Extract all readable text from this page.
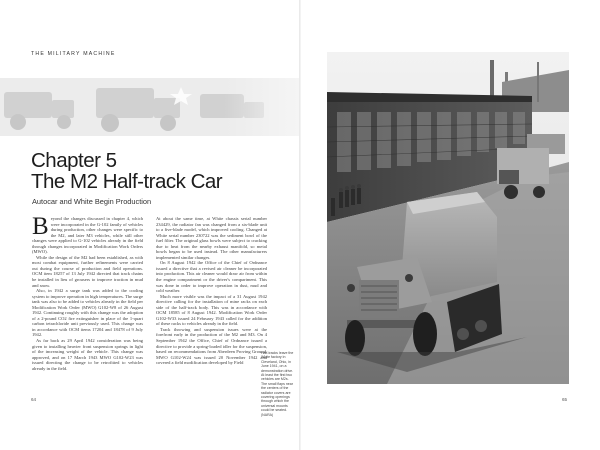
THE MILITARY MACHINE
Chapter 5
The M2 Half-track Car
Autocar and White Begin Production

Beyond the changes discussed in chapter 4, which were incorporated in the G-102 family of vehicles during production, other changes were specific to the M2, and later M3 vehicles, while still other changes were applied to G-102 vehicles already in the field through changes incorporated in Modification Work Orders (MWO).

While the design of the M2 had been established, as with most combat equipment, further refinements were carried out during the course of production and field operations. OCM item 18257 of 13 July 1942 directed that track chains be installed in lieu of grousers to improve traction in mud and snow.

Also, in 1942 a surge tank was added to the cooling system to improve operation in high temperatures. The surge tank was also to be added to vehicles already in the field per Modification Work Order (MWO) G102-W8 of 26 August 1942. Continuing roughly with this change was the adoption of a 2-pound CO2 fire extinguisher in place of the 1-quart carbon tetrachloride unit previously used. This change was in accordance with OCM items 17204 and 18478 of 9 July 1942.

As far back as 29 April 1942 consideration was being given to installing heavier front suspension springs in light of the increasing weight of the vehicle. This change was approved, and on 17 March 1943 MWO G102-W23 was issued directing the change to be retrofitted to vehicles already in the field.

At about the same time, at White chassis serial number 234429, the radiator fan was changed from a six-blade unit to a five-blade model, which improved cooling. Changed at White serial number 230722 was the sediment bowl of the fuel filter. The original glass bowls were subject to cracking due to heat from the nearby exhaust manifold, so metal bowls began to be used instead. The other manufacturers implemented similar changes.

On 8 August 1942 the Office of the Chief of Ordnance issued a directive that a revised air cleaner be incorporated into production. This air cleaner would draw air from within the engine compartment or the driver's compartment. This was done in order to improve operation in dust, mud and cold weather.

Much more visible was the impact of a 31 August 1942 directive calling for the installation of mine racks on each side of the half-track body. This was in accordance with OCM 18585 of 8 August 1942. Modification Work Order G102-W33 issued 24 February 1943 called for the addition of these racks to vehicles already in the field.

Track throwing and suspension issues were at the forefront early in the production of the M2 and M3. On 4 September 1942 the Office, Chief of Ordnance issued a directive to provide a spring-loaded idler for the suspension, based on recommendations from Aberdeen Proving Ground. MWO G102-W24 was issued 20 November 1942 and covered a field modification developed by Field

Half-tracks leave the White factory in Cleveland, Ohio, in June 1941, on a demonstration drive. At least the first two vehicles are M2s. The small flaps near the centers of the radiator covers are covering openings through which the universal mounts could be seated. (NARA)

64	65
